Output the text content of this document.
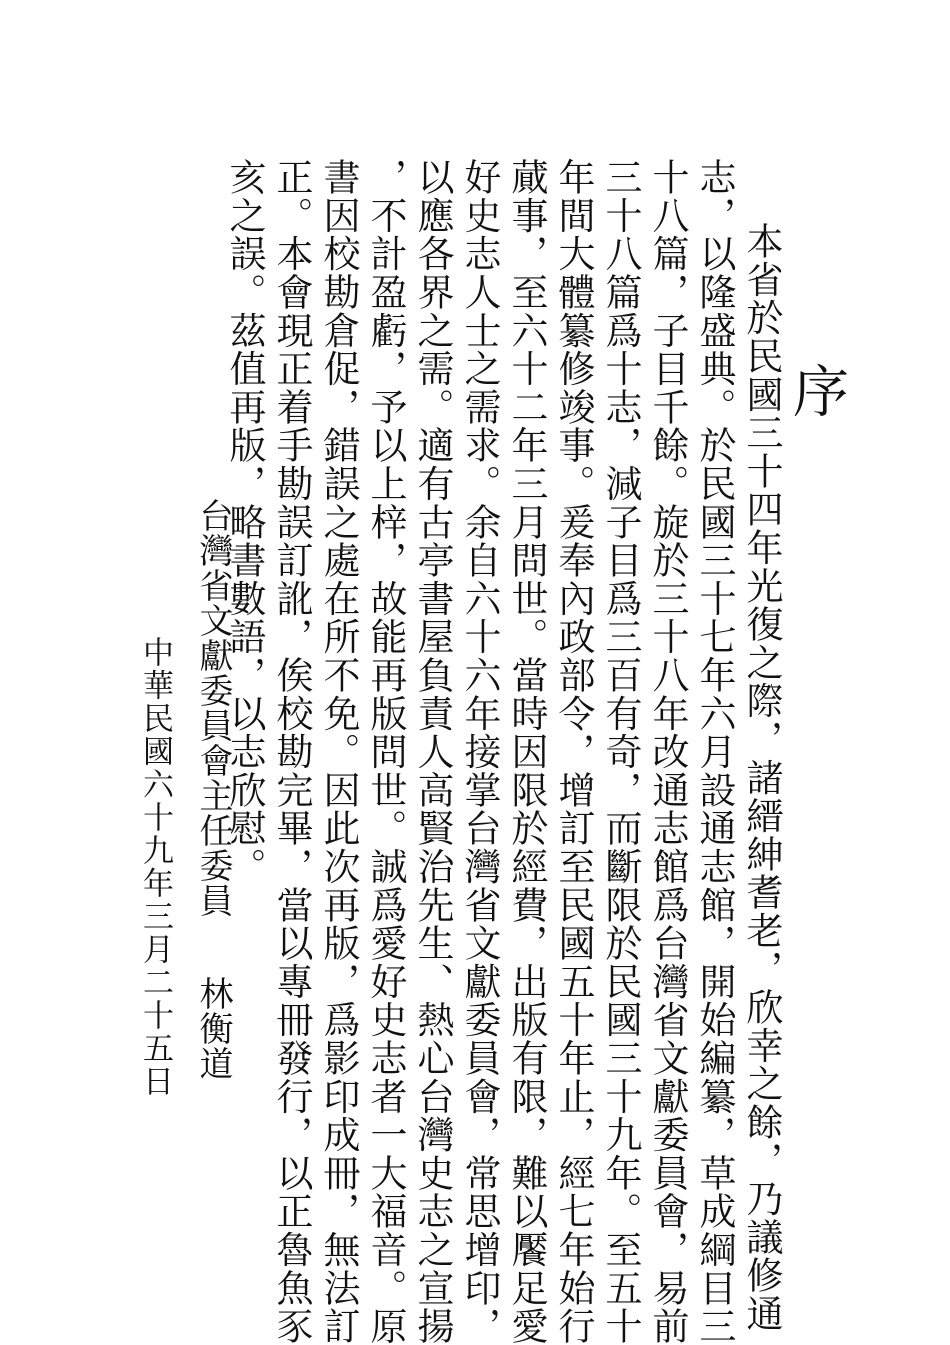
序
本省於民國三十四年光復之際，諸縉紳耆老，欣幸之餘，乃議修通
志，以隆盛典。於民國三十七年六月設通志館，開始編纂，草成綱目三
十八篇，子目千餘。旋於三十八年改通志館爲台灣省文獻委員會，易前
三十八篇爲十志，減子目爲三百有奇，而斷限於民國三十九年。至五十
年間大體纂修竣事。爰奉內政部令，增訂至民國五十年止，經七年始行
蕆事，至六十二年三月問世。當時因限於經費，出版有限，難以饜足愛
好史志人士之需求。余自六十六年接掌台灣省文獻委員會，常思增印，
以應各界之需。適有古亭書屋負責人高賢治先生、熱心台灣史志之宣揚
，不計盈虧，予以上梓，故能再版問世。誠爲愛好史志者一大福音。原
書因校勘倉促，錯誤之處在所不免。因此次再版，爲影印成冊，無法訂
正。本會現正着手勘誤訂訛，俟校勘完畢，當以專冊發行，以正魯魚豕
亥之誤。茲值再版，略書數語，以志欣慰。
台灣省文獻委員會主任委員
林衡道
中華民國六十九年三月二十五日
